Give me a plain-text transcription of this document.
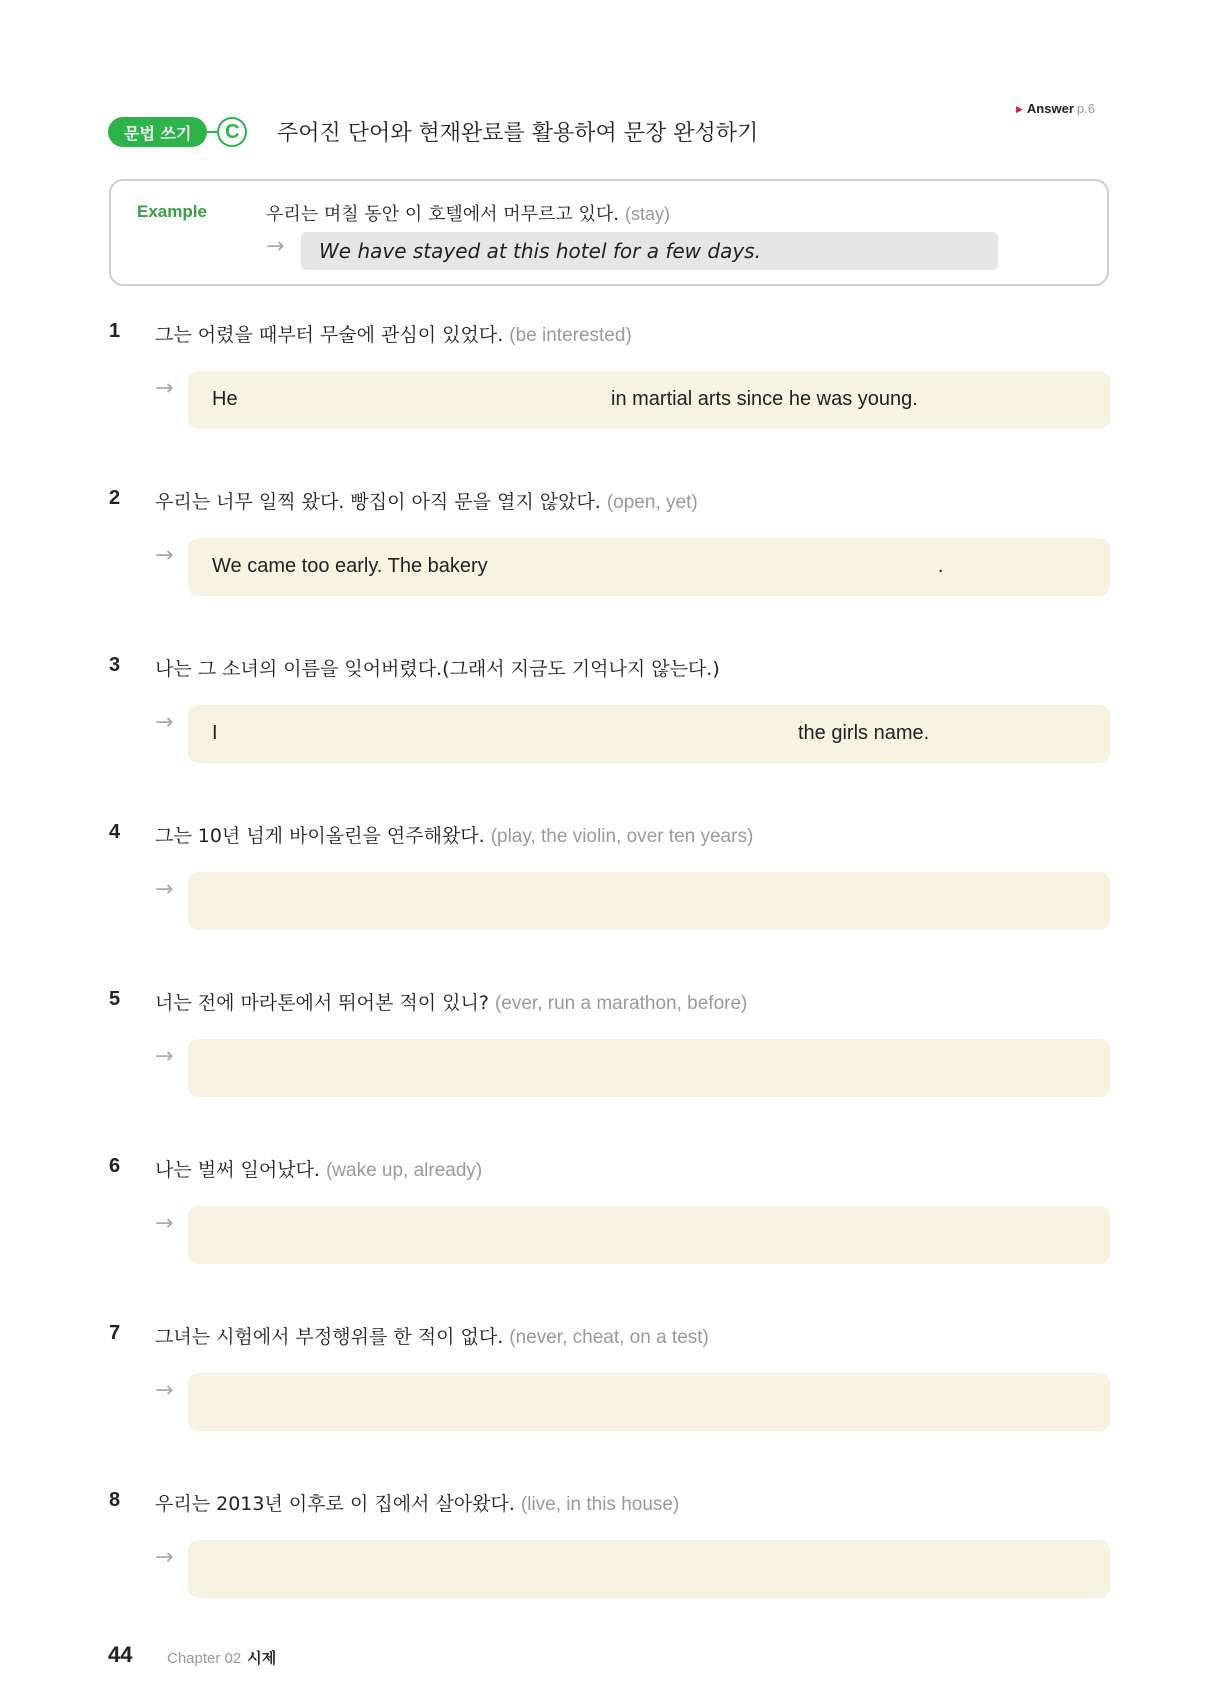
▶ Answer p.6
문법 쓰기	C	주어진 단어와 현재완료를 활용하여 문장 완성하기
Example	우리는 며칠 동안 이 호텔에서 머무르고 있다. (stay)
→	We have stayed at this hotel for a few days.
1 그는 어렸을 때부터 무술에 관심이 있었다. (be interested)
→ He	in martial arts since he was young.
2 우리는 너무 일찍 왔다. 빵집이 아직 문을 열지 않았다. (open, yet)
→ We came too early. The bakery	.
3 나는 그 소녀의 이름을 잊어버렸다.(그래서 지금도 기억나지 않는다.)
→ I	the girls name.
4 그는 10년 넘게 바이올린을 연주해왔다. (play, the violin, over ten years)
→
5 너는 전에 마라톤에서 뛰어본 적이 있니? (ever, run a marathon, before)
→
6 나는 벌써 일어났다. (wake up, already)
→
7 그녀는 시험에서 부정행위를 한 적이 없다. (never, cheat, on a test)
→
8 우리는 2013년 이후로 이 집에서 살아왔다. (live, in this house)
→
44 Chapter 02 시제
